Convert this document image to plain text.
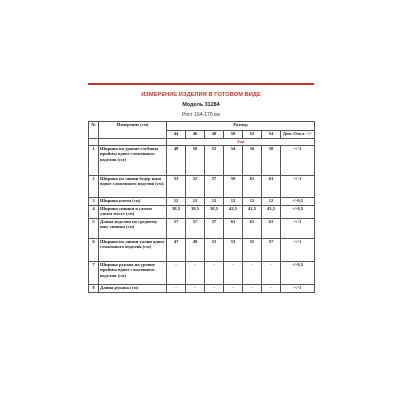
ИЗМЕРЕНИЕ ИЗДЕЛИЯ В ГОТОВОМ ВИДЕ
Модель 31284
Рост 164-170 см
№	Измерение (см)	Размер						
		44	46	48	50	52	54	Доп. Откл. +/-
		Топ						
1	Ширина на уровне глубины проймы вдвое сложенного изделия (см)	48	50	52	54	56	58	+/-1
2	Ширина по линии бедер низа вдвое сложенного изделия (см)	53	55	57	59	61	63	+/-1
3	Ширина плеча (см)	12	12	12	12	12	12	+/-0,5
4	Ширина спинки в самом узком месте (см)	38,5	38,5	38,5	43,5	43,5	43,5	+/-0,5
5	Длина изделия по среднему шву спинки (см)	57	57	57	61	61	61	+/-1
6	Ширина по линии талии вдвое сложенного изделия (см)	47	49	51	53	55	57	+/-1
7	Ширина рукава на уровне проймы вдвое сложенного изделия (см)	-	-	-	-	-	-	+/-0,5
8	Длина рукава (см)	-	-	-	-	-	-	+/-1
